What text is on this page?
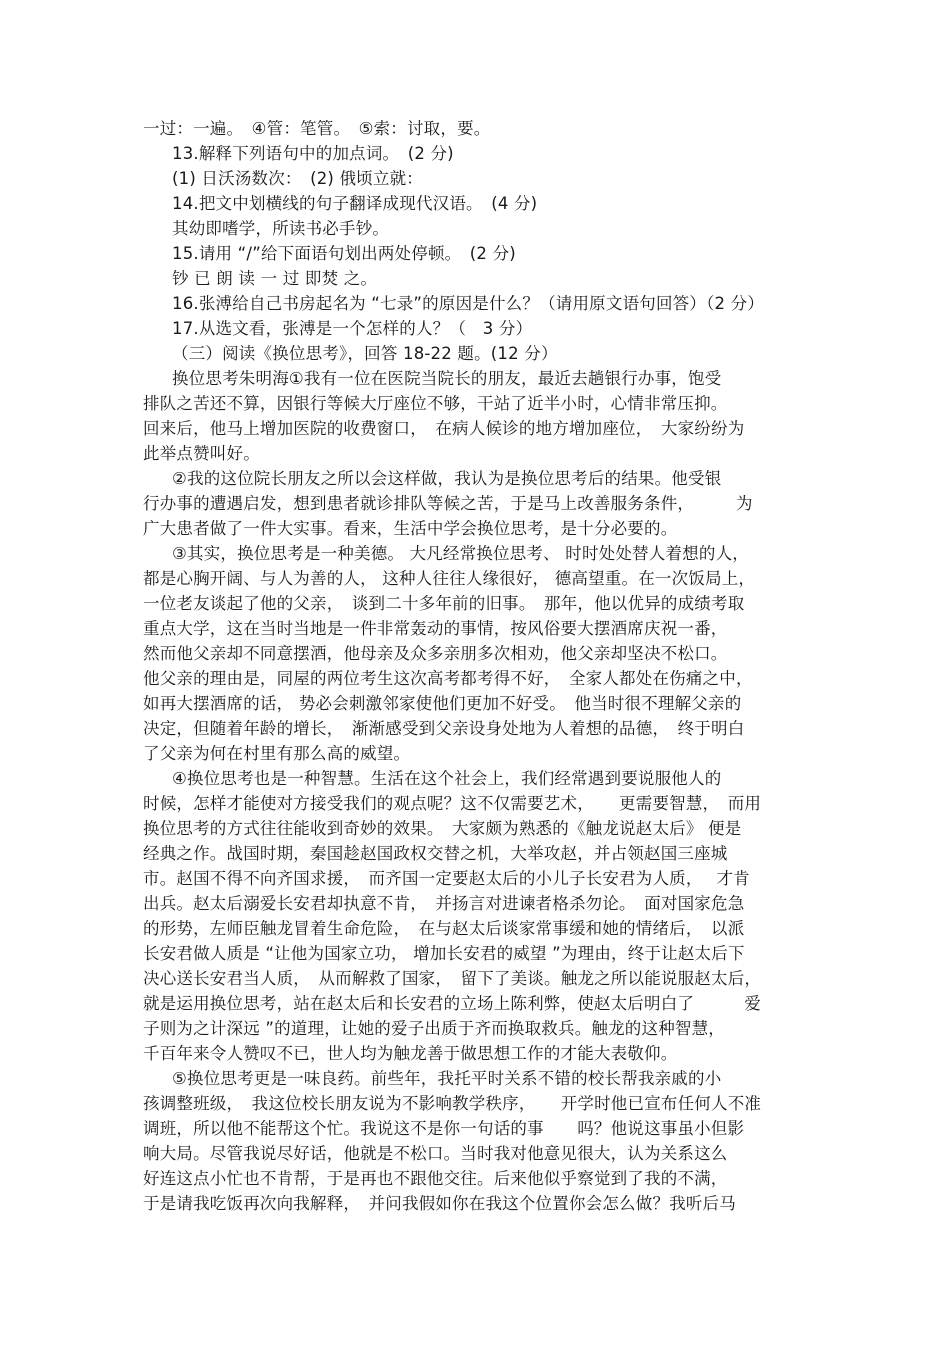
一过：一遍。　④管：笔管。　⑤索：讨取，要。
13.解释下列语句中的加点词。　(2 分)
(1) 日沃汤数次：　(2) 俄顷立就：
14.把文中划横线的句子翻译成现代汉语。　(4 分)
其幼即嗜学，所读书必手钞。
15.请用 “/”给下面语句划出两处停顿。　(2 分)
钞 已 朗 读 一 过 即焚 之。
16.张溥给自己书房起名为 “七录”的原因是什么？（请用原文语句回答）（2 分）
17.从选文看，张溥是一个怎样的人？（　3 分）
（三）阅读《换位思考》，回答 18-22 题。(12 分）
换位思考朱明海①我有一位在医院当院长的朋友，最近去趟银行办事，饱受
排队之苦还不算，因银行等候大厅座位不够，干站了近半小时，心情非常压抑。
回来后，他马上增加医院的收费窗口，　在病人候诊的地方增加座位，　大家纷纷为
此举点赞叫好。
②我的这位院长朋友之所以会这样做，我认为是换位思考后的结果。他受银
行办事的遭遇启发，想到患者就诊排队等候之苦，于是马上改善服务条件，　　　为
广大患者做了一件大实事。看来，生活中学会换位思考，是十分必要的。
③其实，换位思考是一种美德。 大凡经常换位思考、 时时处处替人着想的人，
都是心胸开阔、与人为善的人， 这种人往往人缘很好， 德高望重。在一次饭局上，
一位老友谈起了他的父亲，　谈到二十多年前的旧事。　那年，他以优异的成绩考取
重点大学，这在当时当地是一件非常轰动的事情，按风俗要大摆酒席庆祝一番，
然而他父亲却不同意摆酒，他母亲及众多亲朋多次相劝，他父亲却坚决不松口。
他父亲的理由是，同屋的两位考生这次高考都考得不好，　全家人都处在伤痛之中，
如再大摆酒席的话， 势必会刺激邻家使他们更加不好受。　他当时很不理解父亲的
决定，但随着年龄的增长，　渐渐感受到父亲设身处地为人着想的品德，　终于明白
了父亲为何在村里有那么高的威望。
④换位思考也是一种智慧。生活在这个社会上，我们经常遇到要说服他人的
时候，怎样才能使对方接受我们的观点呢？这不仅需要艺术，　　更需要智慧，　而用
换位思考的方式往往能收到奇妙的效果。　大家颇为熟悉的《触龙说赵太后》 便是
经典之作。战国时期，秦国趁赵国政权交替之机，大举攻赵，并占领赵国三座城
市。赵国不得不向齐国求援，　而齐国一定要赵太后的小儿子长安君为人质，　 才肯
出兵。赵太后溺爱长安君却执意不肯，　并扬言对进谏者格杀勿论。　面对国家危急
的形势，左师臣触龙冒着生命危险，　在与赵太后谈家常事缓和她的情绪后，　以派
长安君做人质是 “让他为国家立功， 增加长安君的威望 ”为理由，终于让赵太后下
决心送长安君当人质，　从而解救了国家，　留下了美谈。触龙之所以能说服赵太后，
就是运用换位思考，站在赵太后和长安君的立场上陈利弊，使赵太后明白了　　　爱
子则为之计深远 ”的道理，让她的爱子出质于齐而换取救兵。触龙的这种智慧，
千百年来令人赞叹不已，世人均为触龙善于做思想工作的才能大表敬仰。
⑤换位思考更是一味良药。前些年，我托平时关系不错的校长帮我亲戚的小
孩调整班级，　我这位校长朋友说为不影响教学秩序，　　开学时他已宣布任何人不准
调班，所以他不能帮这个忙。我说这不是你一句话的事　　吗？他说这事虽小但影
响大局。尽管我说尽好话，他就是不松口。当时我对他意见很大，认为关系这么
好连这点小忙也不肯帮，于是再也不跟他交往。后来他似乎察觉到了我的不满，
于是请我吃饭再次向我解释，　并问我假如你在我这个位置你会怎么做？我听后马
